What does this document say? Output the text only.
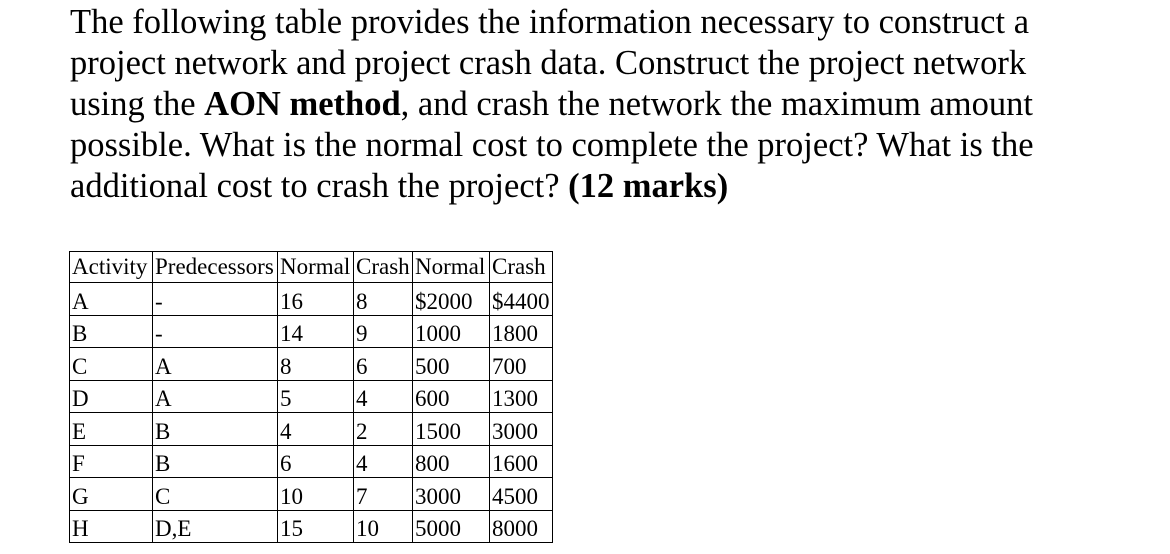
The following table provides the information necessary to construct a project network and project crash data. Construct the project network using the AON method, and crash the network the maximum amount possible. What is the normal cost to complete the project? What is the additional cost to crash the project? (12 marks)

Activity	Predecessors	Normal	Crash	Normal	Crash
A	-	16	8	$2000	$4400
B	-	14	9	1000	1800
C	A	8	6	500	700
D	A	5	4	600	1300
E	B	4	2	1500	3000
F	B	6	4	800	1600
G	C	10	7	3000	4500
H	D,E	15	10	5000	8000
